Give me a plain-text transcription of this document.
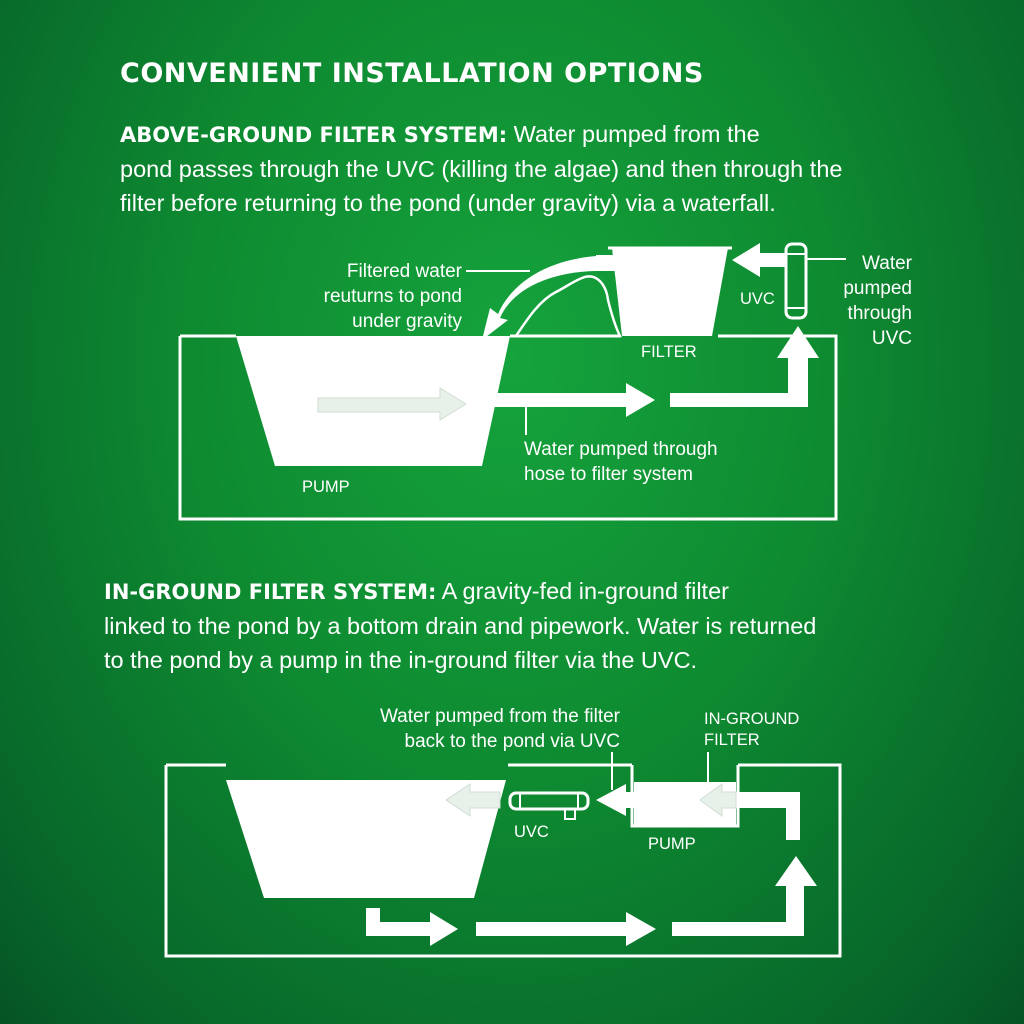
CONVENIENT INSTALLATION OPTIONS

ABOVE-GROUND FILTER SYSTEM: Water pumped from the
pond passes through the UVC (killing the algae) and then through the
filter before returning to the pond (under gravity) via a waterfall.

IN-GROUND FILTER SYSTEM: A gravity-fed in-ground filter
linked to the pond by a bottom drain and pipework. Water is returned
to the pond by a pump in the in-ground filter via the UVC.

Filtered water
reuturns to pond
under gravity
UVC
FILTER
Water
pumped
through
UVC
Water pumped through
hose to filter system
PUMP
Water pumped from the filter
back to the pond via UVC
IN-GROUND
FILTER
UVC
PUMP
